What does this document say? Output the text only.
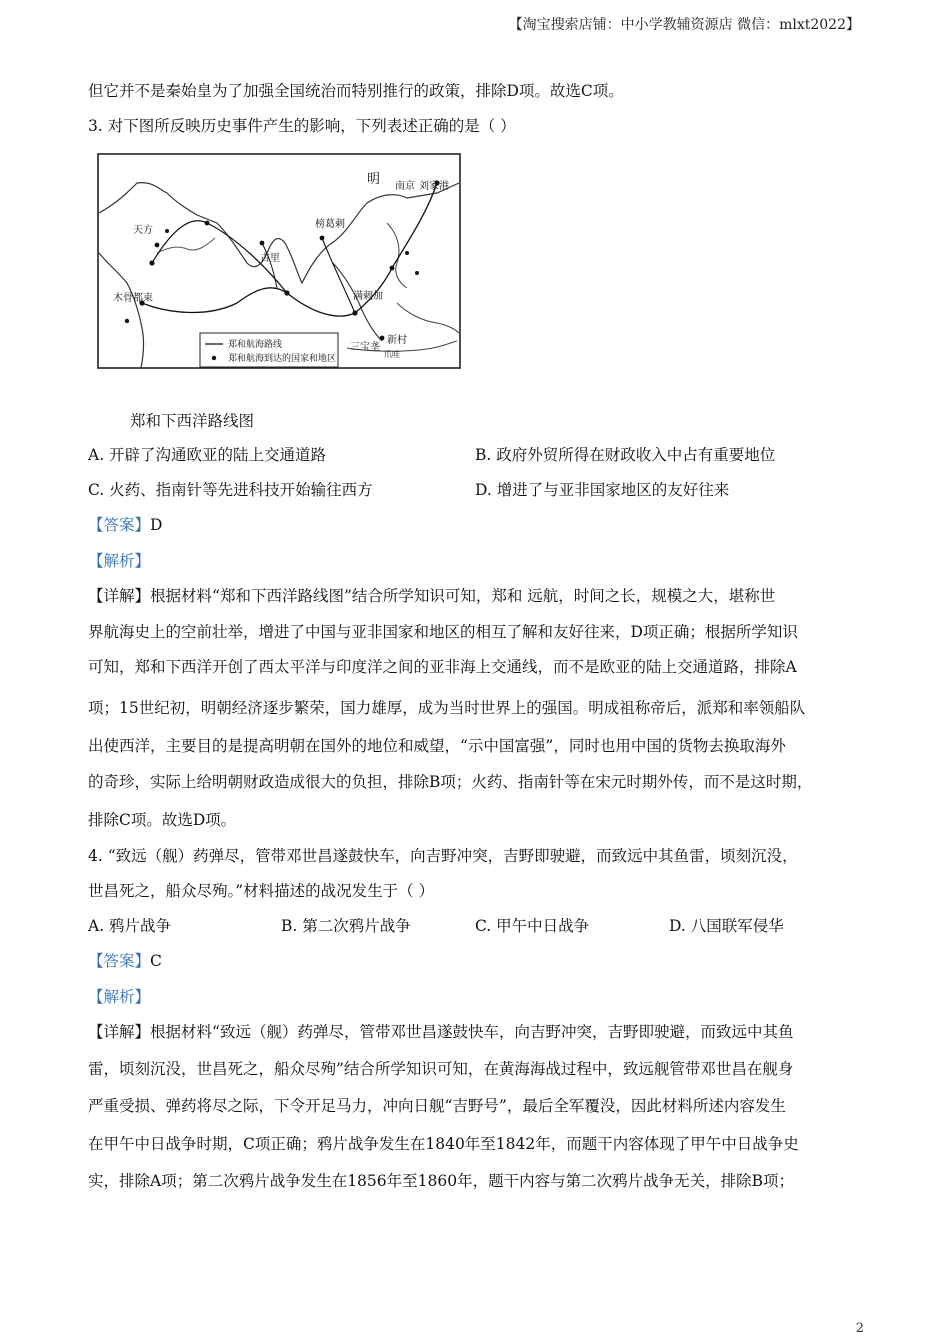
【淘宝搜索店铺：中小学教辅资源店 微信：mlxt2022】
但它并不是秦始皇为了加强全国统治而特别推行的政策，排除D项。故选C项。
3. 对下图所反映历史事件产生的影响，下列表述正确的是（ ）
明 南京 刘家港
天方
古里
榜葛剌
满剌加
木骨都束
三宝垄
新村
爪哇
郑和航海路线
郑和航海到达的国家和地区
郑和下西洋路线图
A. 开辟了沟通欧亚的陆上交通道路	B. 政府外贸所得在财政收入中占有重要地位
C. 火药、指南针等先进科技开始输往西方	D. 增进了与亚非国家地区的友好往来
【答案】D
【解析】
【详解】根据材料“郑和下西洋路线图”结合所学知识可知，郑和 远航，时间之长，规模之大，堪称世
界航海史上的空前壮举，增进了中国与亚非国家和地区的相互了解和友好往来，D项正确；根据所学知识
可知，郑和下西洋开创了西太平洋与印度洋之间的亚非海上交通线，而不是欧亚的陆上交通道路，排除A
项；15世纪初，明朝经济逐步繁荣，国力雄厚，成为当时世界上的强国。明成祖称帝后，派郑和率领船队
出使西洋，主要目的是提高明朝在国外的地位和威望，“示中国富强”，同时也用中国的货物去换取海外
的奇珍，实际上给明朝财政造成很大的负担，排除B项；火药、指南针等在宋元时期外传，而不是这时期，
排除C项。故选D项。
4. “致远（舰）药弹尽，管带邓世昌遂鼓快车，向吉野冲突，吉野即驶避，而致远中其鱼雷，顷刻沉没，
世昌死之，船众尽殉。”材料描述的战况发生于（ ）
A. 鸦片战争	B. 第二次鸦片战争	C. 甲午中日战争	D. 八国联军侵华
【答案】C
【解析】
【详解】根据材料“致远（舰）药弹尽，管带邓世昌遂鼓快车，向吉野冲突，吉野即驶避，而致远中其鱼
雷，顷刻沉没，世昌死之，船众尽殉”结合所学知识可知，在黄海海战过程中，致远舰管带邓世昌在舰身
严重受损、弹药将尽之际，下令开足马力，冲向日舰“吉野号”，最后全军覆没，因此材料所述内容发生
在甲午中日战争时期，C项正确；鸦片战争发生在1840年至1842年，而题干内容体现了甲午中日战争史
实，排除A项；第二次鸦片战争发生在1856年至1860年，题干内容与第二次鸦片战争无关，排除B项；
2
